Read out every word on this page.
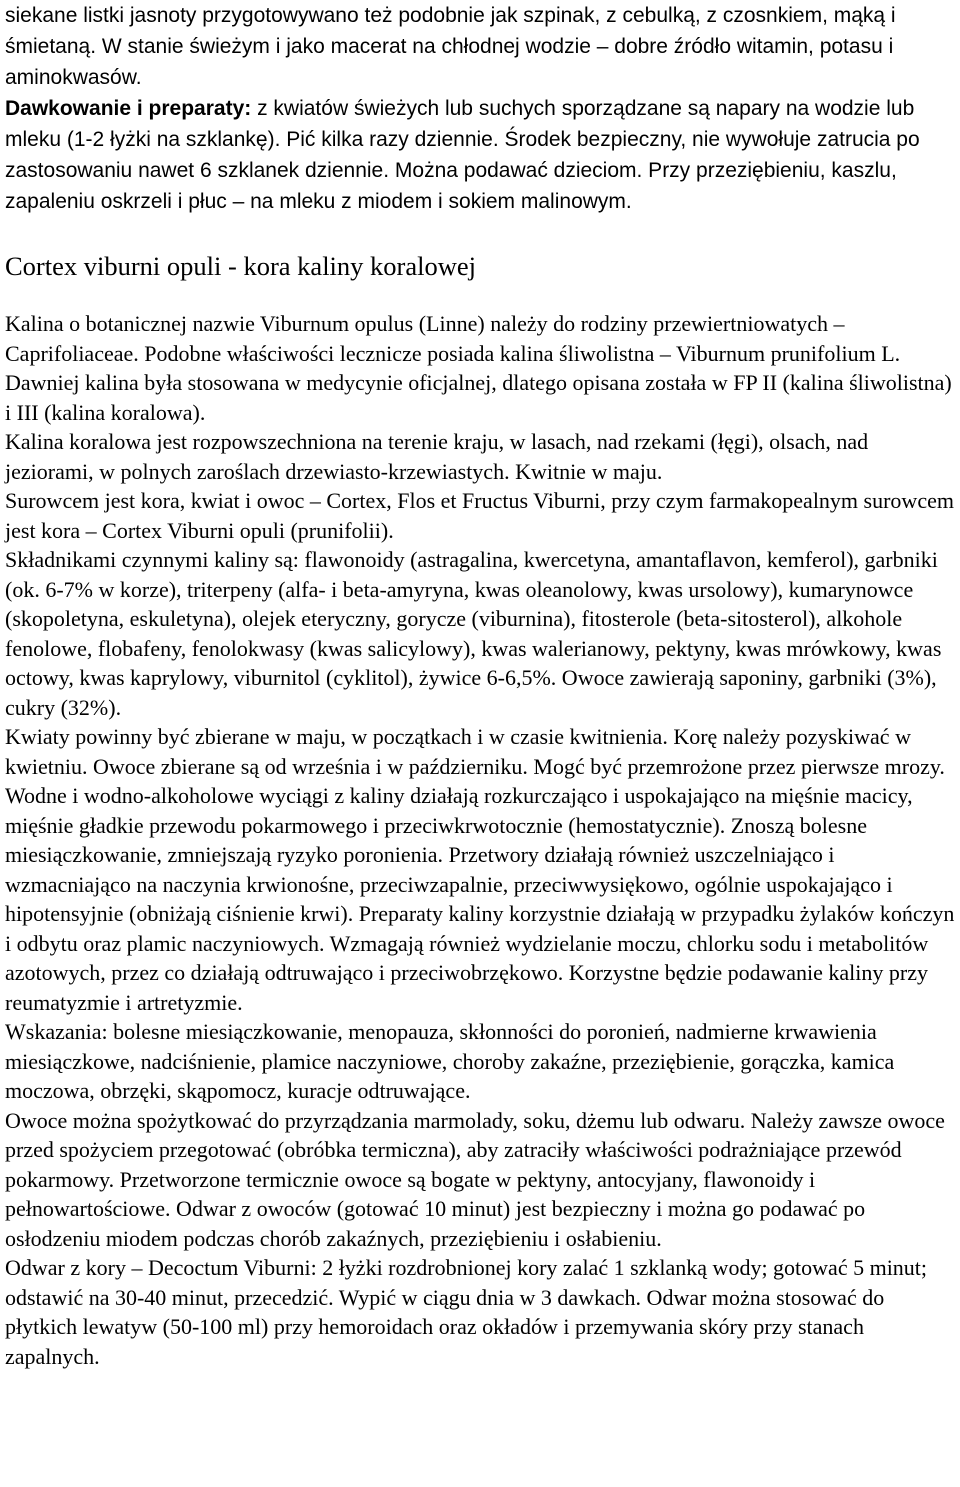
siekane listki jasnoty przygotowywano też podobnie jak szpinak, z cebulką, z czosnkiem, mąką i śmietaną. W stanie świeżym i jako macerat na chłodnej wodzie – dobre źródło witamin, potasu i aminokwasów.

Dawkowanie i preparaty: z kwiatów świeżych lub suchych sporządzane są napary na wodzie lub mleku (1-2 łyżki na szklankę). Pić kilka razy dziennie. Środek bezpieczny, nie wywołuje zatrucia po zastosowaniu nawet 6 szklanek dziennie. Można podawać dzieciom. Przy przeziębieniu, kaszlu, zapaleniu oskrzeli i płuc – na mleku z miodem i sokiem malinowym.

Cortex viburni opuli - kora kaliny koralowej

Kalina o botanicznej nazwie Viburnum opulus (Linne) należy do rodziny przewiertniowatych – Caprifoliaceae. Podobne właściwości lecznicze posiada kalina śliwolistna – Viburnum prunifolium L. Dawniej kalina była stosowana w medycynie oficjalnej, dlatego opisana została w FP II (kalina śliwolistna) i III (kalina koralowa).

Kalina koralowa jest rozpowszechniona na terenie kraju, w lasach, nad rzekami (łęgi), olsach, nad jeziorami, w polnych zaroślach drzewiasto-krzewiastych. Kwitnie w maju.

Surowcem jest kora, kwiat i owoc – Cortex, Flos et Fructus Viburni, przy czym farmakopealnym surowcem jest kora – Cortex Viburni opuli (prunifolii).

Składnikami czynnymi kaliny są: flawonoidy (astragalina, kwercetyna, amantaflavon, kemferol), garbniki (ok. 6-7% w korze), triterpeny (alfa- i beta-amyryna, kwas oleanolowy, kwas ursolowy), kumarynowce (skopoletyna, eskuletyna), olejek eteryczny, gorycze (viburnina), fitosterole (beta-sitosterol), alkohole fenolowe, flobafeny, fenolokwasy (kwas salicylowy), kwas walerianowy, pektyny, kwas mrówkowy, kwas octowy, kwas kaprylowy, viburnitol (cyklitol), żywice 6-6,5%. Owoce zawierają saponiny, garbniki (3%), cukry (32%).

Kwiaty powinny być zbierane w maju, w początkach i w czasie kwitnienia. Korę należy pozyskiwać w kwietniu. Owoce zbierane są od września i w październiku. Mogć być przemrożone przez pierwsze mrozy.

Wodne i wodno-alkoholowe wyciągi z kaliny działają rozkurczająco i uspokajająco na mięśnie macicy, mięśnie gładkie przewodu pokarmowego i przeciwkrwotocznie (hemostatycznie). Znoszą bolesne miesiączkowanie, zmniejszają ryzyko poronienia. Przetwory działają również uszczelniająco i wzmacniająco na naczynia krwionośne, przeciwzapalnie, przeciwwysiękowo, ogólnie uspokajająco i hipotensyjnie (obniżają ciśnienie krwi). Preparaty kaliny korzystnie działają w przypadku żylaków kończyn i odbytu oraz plamic naczyniowych. Wzmagają również wydzielanie moczu, chlorku sodu i metabolitów azotowych, przez co działają odtruwająco i przeciwobrzękowo. Korzystne będzie podawanie kaliny przy reumatyzmie i artretyzmie.

Wskazania: bolesne miesiączkowanie, menopauza, skłonności do poronień, nadmierne krwawienia miesiączkowe, nadciśnienie, plamice naczyniowe, choroby zakaźne, przeziębienie, gorączka, kamica moczowa, obrzęki, skąpomocz, kuracje odtruwające.

Owoce można spożytkować do przyrządzania marmolady, soku, dżemu lub odwaru. Należy zawsze owoce przed spożyciem przegotować (obróbka termiczna), aby zatraciły właściwości podrażniające przewód pokarmowy. Przetworzone termicznie owoce są bogate w pektyny, antocyjany, flawonoidy i pełnowartościowe. Odwar z owoców (gotować 10 minut) jest bezpieczny i można go podawać po osłodzeniu miodem podczas chorób zakaźnych, przeziębieniu i osłabieniu.

Odwar z kory – Decoctum Viburni: 2 łyżki rozdrobnionej kory zalać 1 szklanką wody; gotować 5 minut; odstawić na 30-40 minut, przecedzić. Wypić w ciągu dnia w 3 dawkach. Odwar można stosować do płytkich lewatyw (50-100 ml) przy hemoroidach oraz okładów i przemywania skóry przy stanach zapalnych.
